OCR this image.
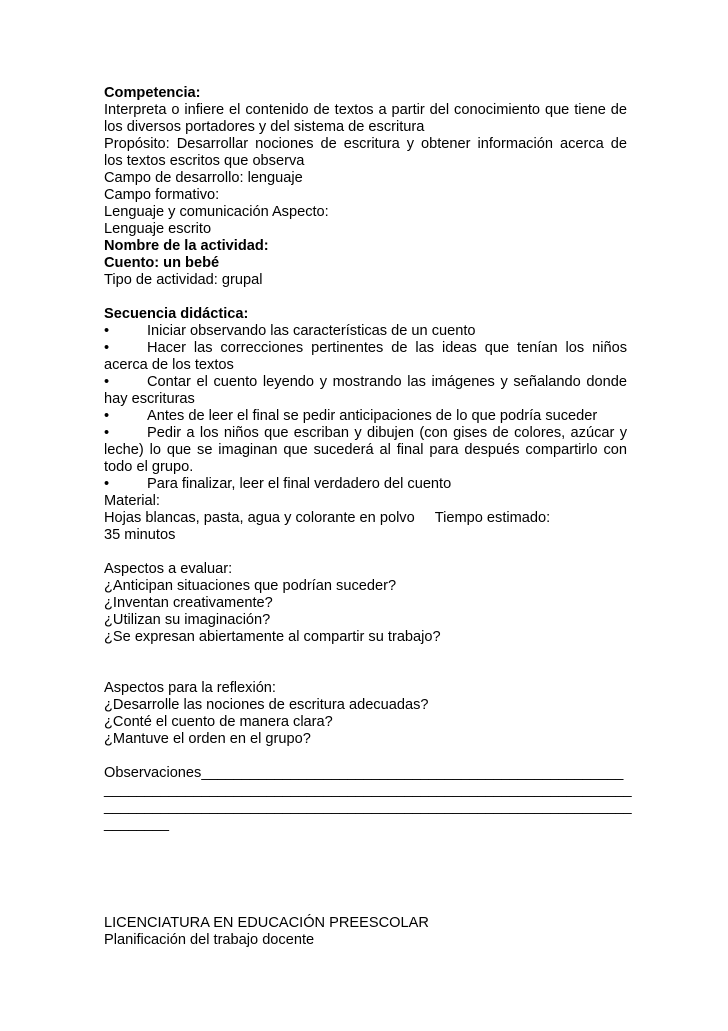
Competencia:
Interpreta o infiere el contenido de textos a partir del conocimiento que tiene de
los diversos portadores y del sistema de escritura
Propósito: Desarrollar nociones de escritura y obtener información acerca de
los textos escritos que observa
Campo de desarrollo: lenguaje
Campo formativo:
Lenguaje y comunicación Aspecto:
Lenguaje escrito
Nombre de la actividad:
Cuento: un bebé
Tipo de actividad: grupal
Secuencia didáctica:
•	Iniciar observando las características de un cuento
•	Hacer las correcciones pertinentes de las ideas que tenían los niños
acerca de los textos
•	Contar el cuento leyendo y mostrando las imágenes y señalando donde
hay escrituras
•	Antes de leer el final se pedir anticipaciones de lo que podría suceder
•	Pedir a los niños que escriban y dibujen (con gises de colores, azúcar y
leche) lo que se imaginan que sucederá al final para después compartirlo con
todo el grupo.
•	Para finalizar, leer el final verdadero del cuento
Material:
Hojas blancas, pasta, agua y colorante en polvo Tiempo estimado:
35 minutos
Aspectos a evaluar:
¿Anticipan situaciones que podrían suceder?
¿Inventan creativamente?
¿Utilizan su imaginación?
¿Se expresan abiertamente al compartir su trabajo?
Aspectos para la reflexión:
¿Desarrolle las nociones de escritura adecuadas?
¿Conté el cuento de manera clara?
¿Mantuve el orden en el grupo?
Observaciones____________________________________________________
_________________________________________________________________
_________________________________________________________________
________
LICENCIATURA EN EDUCACIÓN PREESCOLAR
Planificación del trabajo docente
